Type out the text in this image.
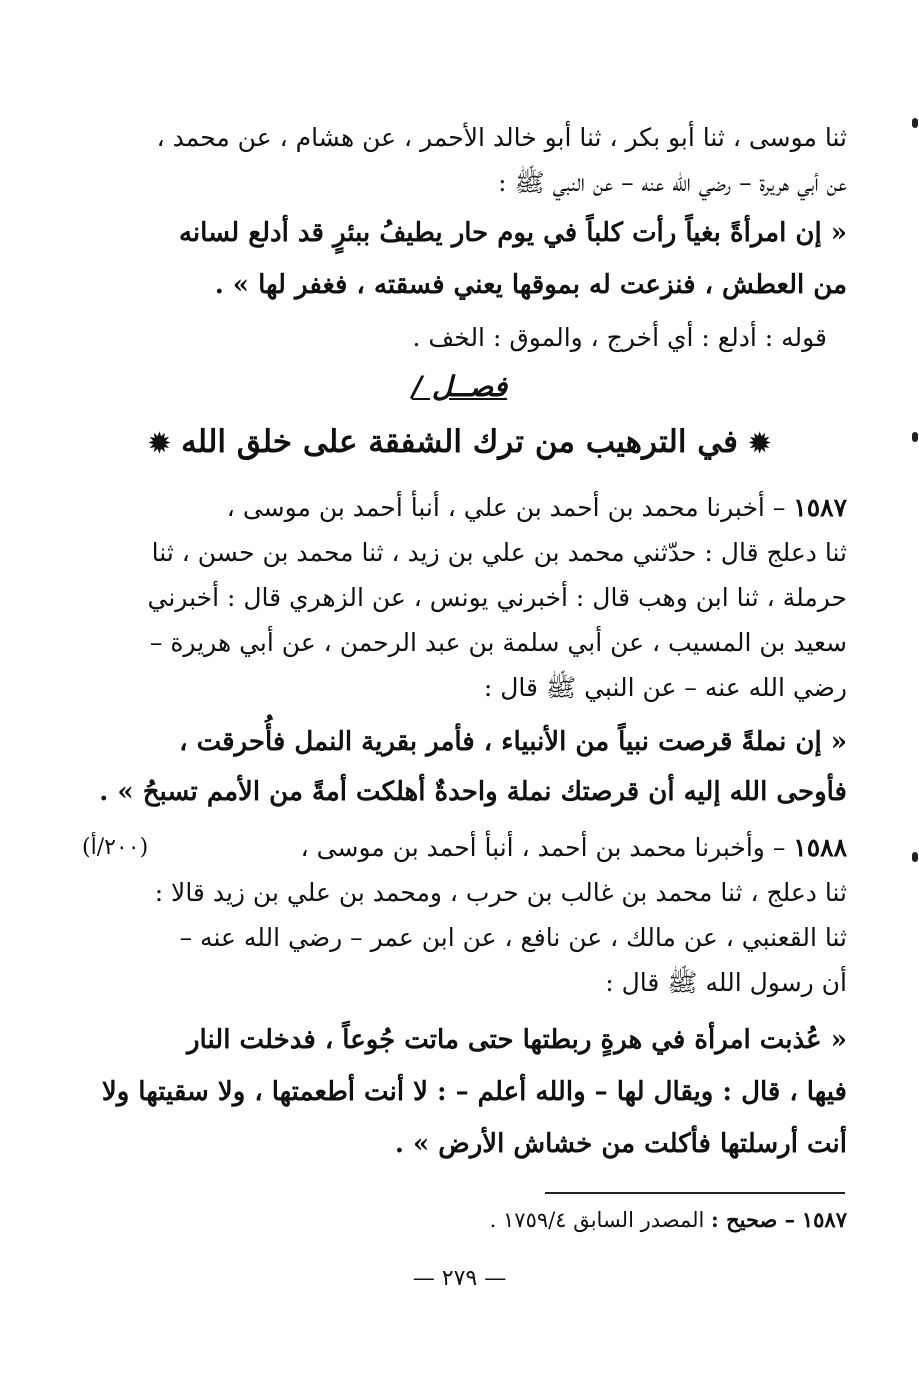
ثنا موسى ، ثنا أبو بكر ، ثنا أبو خالد الأحمر ، عن هشام ، عن محمد ،
عن أبي هريرة – رضي الله عنه – عن النبي ﷺ :
« إن امرأةً بغياً رأت كلباً في يوم حار يطيفُ ببئرٍ قد أدلع لسانه
من العطش ، فنزعت له بموقها يعني فسقته ، فغفر لها » .
قوله : أدلع : أي أخرج ، والموق : الخف .
فصــل /
✹ في الترهيب من ترك الشفقة على خلق الله ✹
١٥٨٧ – أخبرنا محمد بن أحمد بن علي ، أنبأ أحمد بن موسى ،
ثنا دعلج قال : حدّثني محمد بن علي بن زيد ، ثنا محمد بن حسن ، ثنا
حرملة ، ثنا ابن وهب قال : أخبرني يونس ، عن الزهري قال : أخبرني
سعيد بن المسيب ، عن أبي سلمة بن عبد الرحمن ، عن أبي هريرة –
رضي الله عنه – عن النبي ﷺ قال :
« إن نملةً قرصت نبياً من الأنبياء ، فأمر بقرية النمل فأُحرقت ،
فأوحى الله إليه أن قرصتك نملة واحدةٌ أهلكت أمةً من الأمم تسبحُ » .
(٢٠٠/أ)	١٥٨٨ – وأخبرنا محمد بن أحمد ، أنبأ أحمد بن موسى ،
ثنا دعلج ، ثنا محمد بن غالب بن حرب ، ومحمد بن علي بن زيد قالا :
ثنا القعنبي ، عن مالك ، عن نافع ، عن ابن عمر – رضي الله عنه –
أن رسول الله ﷺ قال :
« عُذبت امرأة في هرةٍ ربطتها حتى ماتت جُوعاً ، فدخلت النار
فيها ، قال : ويقال لها – والله أعلم – : لا أنت أطعمتها ، ولا سقيتها ولا
أنت أرسلتها فأكلت من خشاش الأرض » .
١٥٨٧ – صحيح : المصدر السابق ١٧٥٩/٤ .
— ٢٧٩ —
